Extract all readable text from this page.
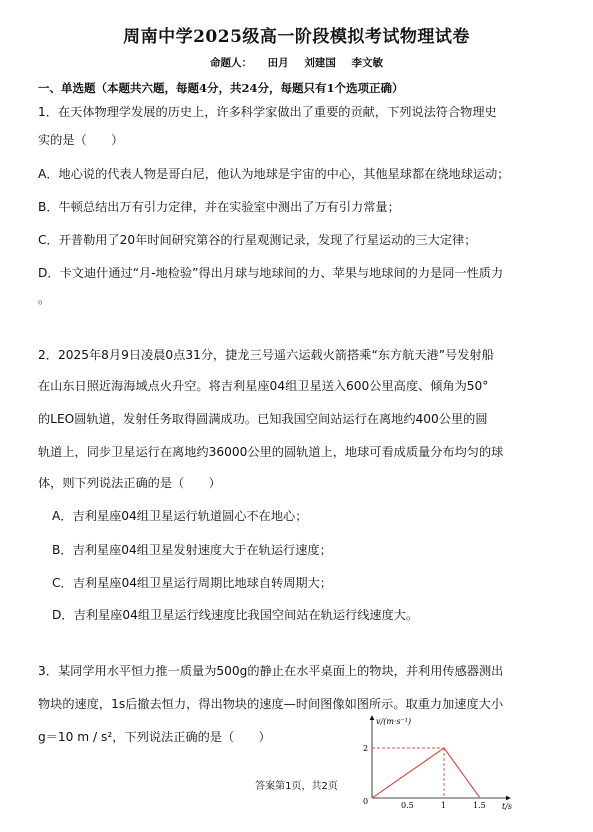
周南中学2025级高一阶段模拟考试物理试卷
命题人： 田月 刘建国 李文敏
一、单选题（本题共六题，每题4分，共24分，每题只有1个选项正确）
1．在天体物理学发展的历史上，许多科学家做出了重要的贡献，下列说法符合物理史
实的是（　　）
A．地心说的代表人物是哥白尼，他认为地球是宇宙的中心，其他星球都在绕地球运动；
B．牛顿总结出万有引力定律，并在实验室中测出了万有引力常量；
C．开普勒用了20年时间研究第谷的行星观测记录，发现了行星运动的三大定律；
D．卡文迪什通过“月-地检验”得出月球与地球间的力、苹果与地球间的力是同一性质力
。
2．2025年8月9日凌晨0点31分，捷龙三号遥六运载火箭搭乘“东方航天港”号发射船
在山东日照近海海域点火升空。将吉利星座04组卫星送入600公里高度、倾角为50°
的LEO圆轨道，发射任务取得圆满成功。已知我国空间站运行在离地约400公里的圆
轨道上，同步卫星运行在离地约36000公里的圆轨道上，地球可看成质量分布均匀的球
体，则下列说法正确的是（　　）
A．吉利星座04组卫星运行轨道圆心不在地心；
B．吉利星座04组卫星发射速度大于在轨运行速度；
C．吉利星座04组卫星运行周期比地球自转周期大；
D．吉利星座04组卫星运行线速度比我国空间站在轨运行线速度大。
3．某同学用水平恒力推一质量为500g的静止在水平桌面上的物块，并利用传感器测出
物块的速度，1s后撤去恒力，得出物块的速度—时间图像如图所示。取重力加速度大小
g＝10 m / s²，下列说法正确的是（　　）
v/(m·s⁻¹)
t/s
2
0	0.5	1	1.5
答案第1页，共2页
